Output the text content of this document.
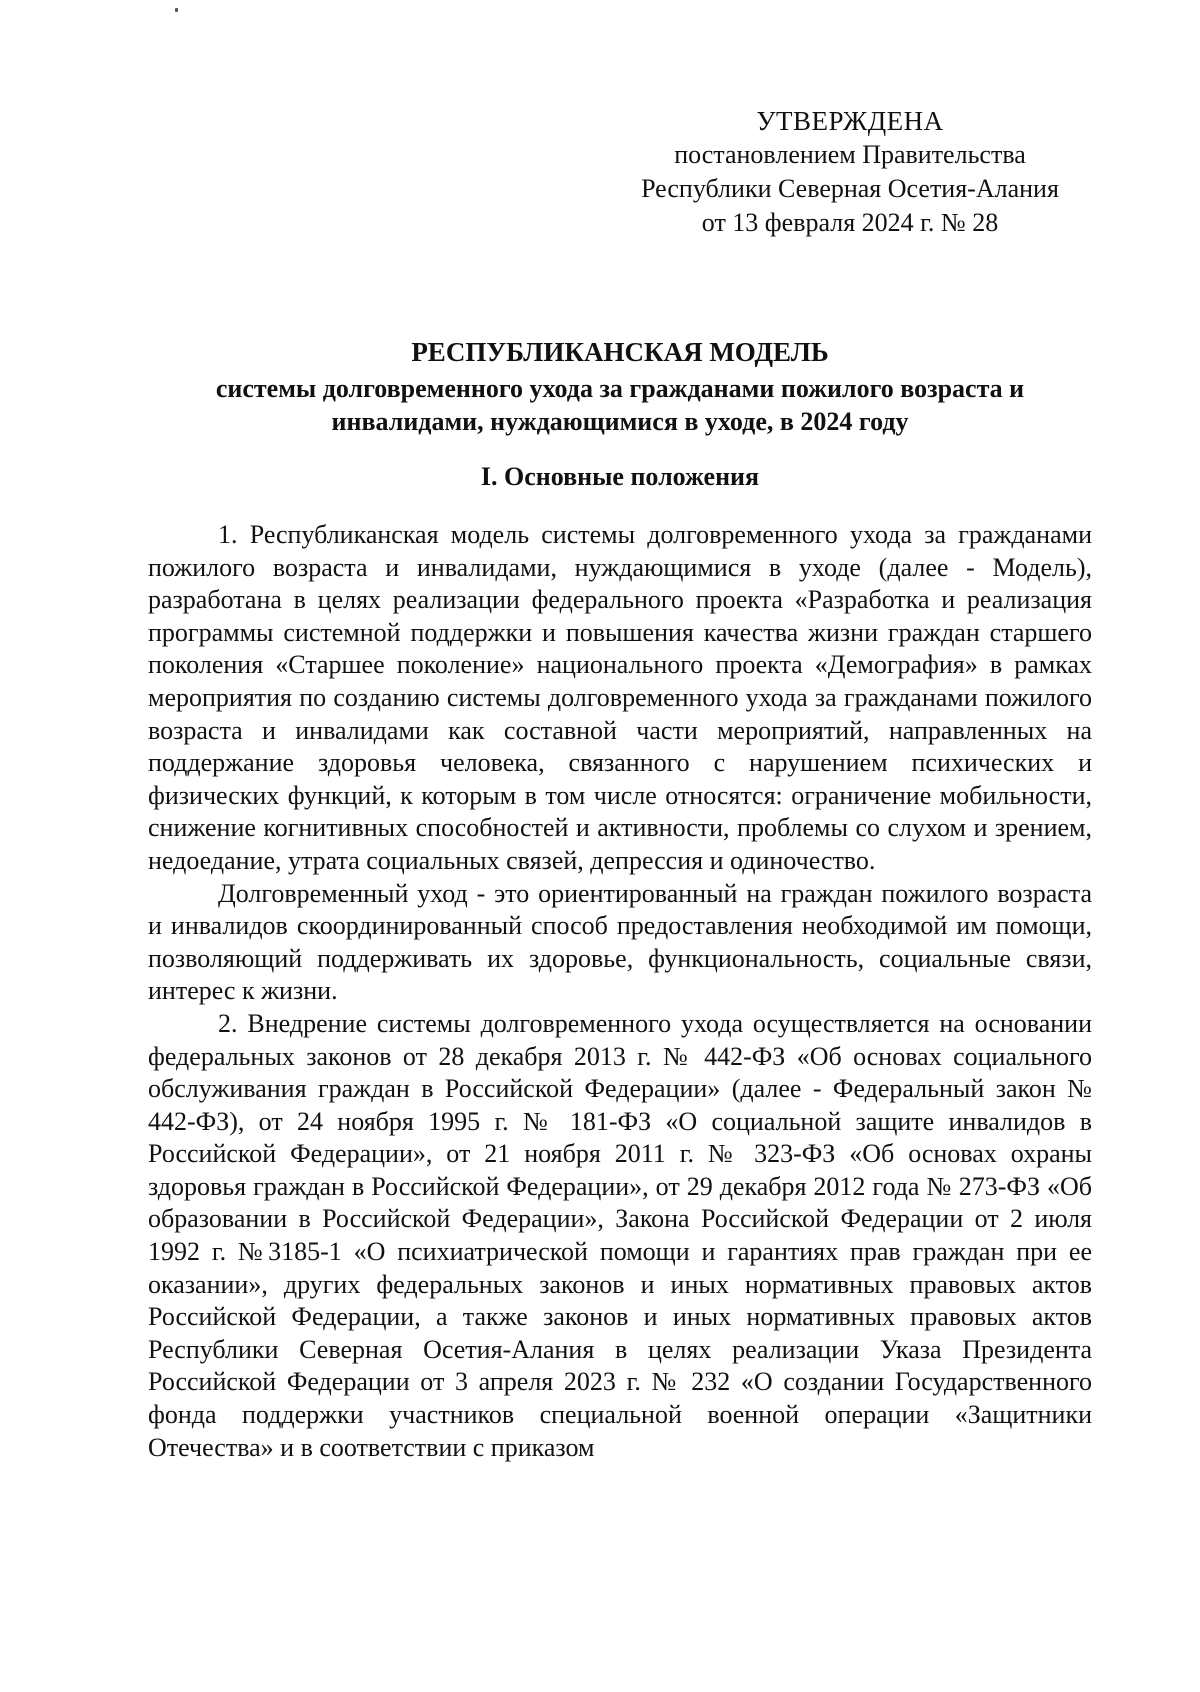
УТВЕРЖДЕНА
постановлением Правительства
Республики Северная Осетия-Алания
от 13 февраля 2024 г. № 28
РЕСПУБЛИКАНСКАЯ МОДЕЛЬ
системы долговременного ухода за гражданами пожилого возраста и
инвалидами, нуждающимися в уходе, в 2024 году
I. Основные положения

1. Республиканская модель системы долговременного ухода за гражданами пожилого возраста и инвалидами, нуждающимися в уходе (далее - Модель), разработана в целях реализации федерального проекта «Разработка и реализация программы системной поддержки и повышения качества жизни граждан старшего поколения «Старшее поколение» национального проекта «Демография» в рамках мероприятия по созданию системы долговременного ухода за гражданами пожилого возраста и инвалидами как составной части мероприятий, направленных на поддержание здоровья человека, связанного с нарушением психических и физических функций, к которым в том числе относятся: ограничение мобильности, снижение когнитивных способностей и активности, проблемы со слухом и зрением, недоедание, утрата социальных связей, депрессия и одиночество.

Долговременный уход - это ориентированный на граждан пожилого возраста и инвалидов скоординированный способ предоставления необходимой им помощи, позволяющий поддерживать их здоровье, функциональность, социальные связи, интерес к жизни.

2. Внедрение системы долговременного ухода осуществляется на основании федеральных законов от 28 декабря 2013 г. № 442-ФЗ «Об основах социального обслуживания граждан в Российской Федерации» (далее - Федеральный закон № 442-ФЗ), от 24 ноября 1995 г. № 181-ФЗ «О социальной защите инвалидов в Российской Федерации», от 21 ноября 2011 г. № 323-ФЗ «Об основах охраны здоровья граждан в Российской Федерации», от 29 декабря 2012 года № 273-ФЗ «Об образовании в Российской Федерации», Закона Российской Федерации от 2 июля 1992 г. №3185-1 «О психиатрической помощи и гарантиях прав граждан при ее оказании», других федеральных законов и иных нормативных правовых актов Российской Федерации, а также законов и иных нормативных правовых актов Республики Северная Осетия-Алания в целях реализации Указа Президента Российской Федерации от 3 апреля 2023 г. № 232 «О создании Государственного фонда поддержки участников специальной военной операции «Защитники Отечества» и в соответствии с приказом
